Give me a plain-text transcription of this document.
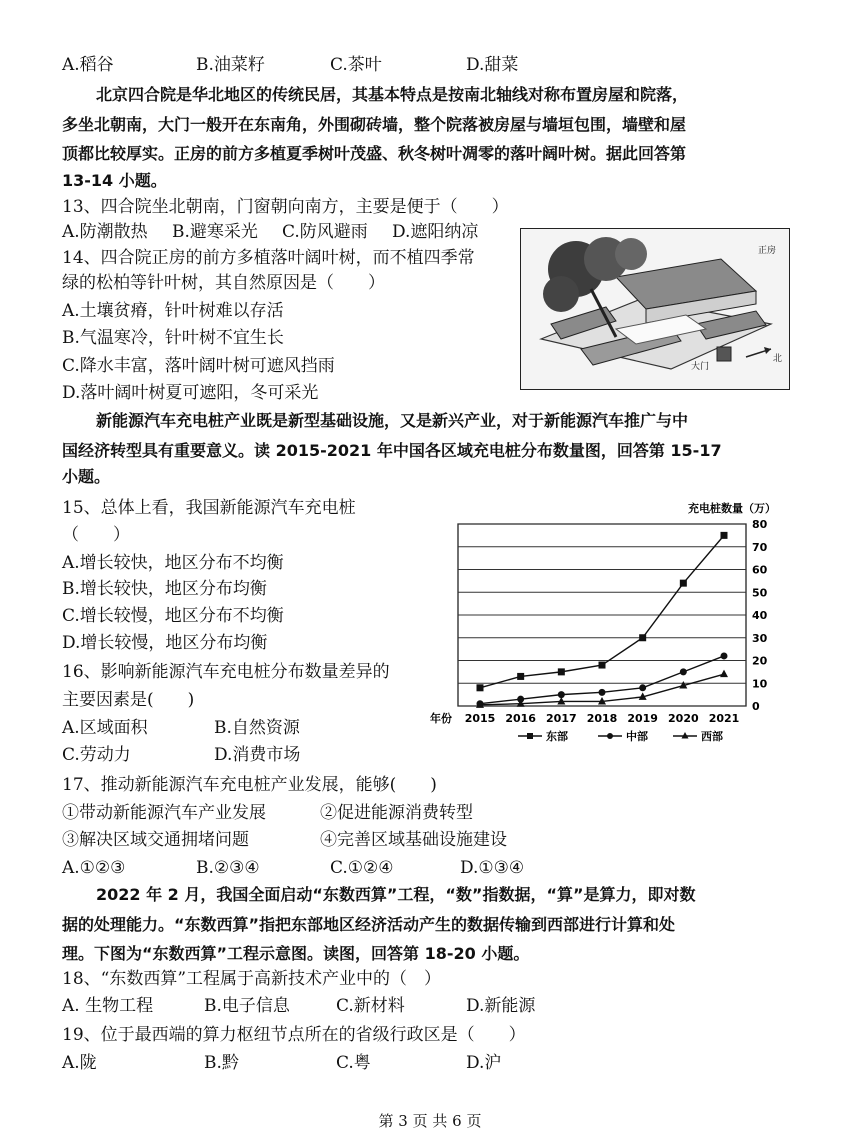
A.稻谷	B.油菜籽	C.茶叶	D.甜菜
北京四合院是华北地区的传统民居，其基本特点是按南北轴线对称布置房屋和院落，
多坐北朝南，大门一般开在东南角，外围砌砖墙，整个院落被房屋与墙垣包围，墙壁和屋
顶都比较厚实。正房的前方多植夏季树叶茂盛、秋冬树叶凋零的落叶阔叶树。据此回答第
13-14 小题。
13、四合院坐北朝南，门窗朝向南方，主要是便于（　　）
A.防潮散热 B.避寒采光 C.防风避雨 D.遮阳纳凉
14、四合院正房的前方多植落叶阔叶树，而不植四季常
绿的松柏等针叶树，其自然原因是（　　）
A.土壤贫瘠，针叶树难以存活
B.气温寒冷，针叶树不宜生长
C.降水丰富，落叶阔叶树可遮风挡雨
D.落叶阔叶树夏可遮阳，冬可采光
正房
大门
北
新能源汽车充电桩产业既是新型基础设施，又是新兴产业，对于新能源汽车推广与中
国经济转型具有重要意义。读 2015-2021 年中国各区域充电桩分布数量图，回答第 15-17
小题。
15、总体上看，我国新能源汽车充电桩
（　　）
A.增长较快，地区分布不均衡
B.增长较快，地区分布均衡
C.增长较慢，地区分布不均衡
D.增长较慢，地区分布均衡
16、影响新能源汽车充电桩分布数量差异的
主要因素是(　　)
A.区域面积	B.自然资源
C.劳动力	D.消费市场
0
10
20
30
40
50
60
70
80
充电桩数量（万）
2015 2016 2017 2018 2019 2020 2021
年份
东部	中部	西部
17、推动新能源汽车充电桩产业发展，能够(　　)
①带动新能源汽车产业发展	②促进能源消费转型
③解决区域交通拥堵问题	④完善区域基础设施建设
A.①②③	B.②③④	C.①②④	D.①③④
2022 年 2 月，我国全面启动“东数西算”工程，“数”指数据，“算”是算力，即对数
据的处理能力。“东数西算”指把东部地区经济活动产生的数据传输到西部进行计算和处
理。下图为“东数西算”工程示意图。读图，回答第 18-20 小题。
18、“东数西算”工程属于高新技术产业中的（　）
A. 生物工程	B.电子信息	C.新材料	D.新能源
19、位于最西端的算力枢纽节点所在的省级行政区是（　　）
A.陇	B.黔	C.粤	D.沪
第 3 页 共 6 页
